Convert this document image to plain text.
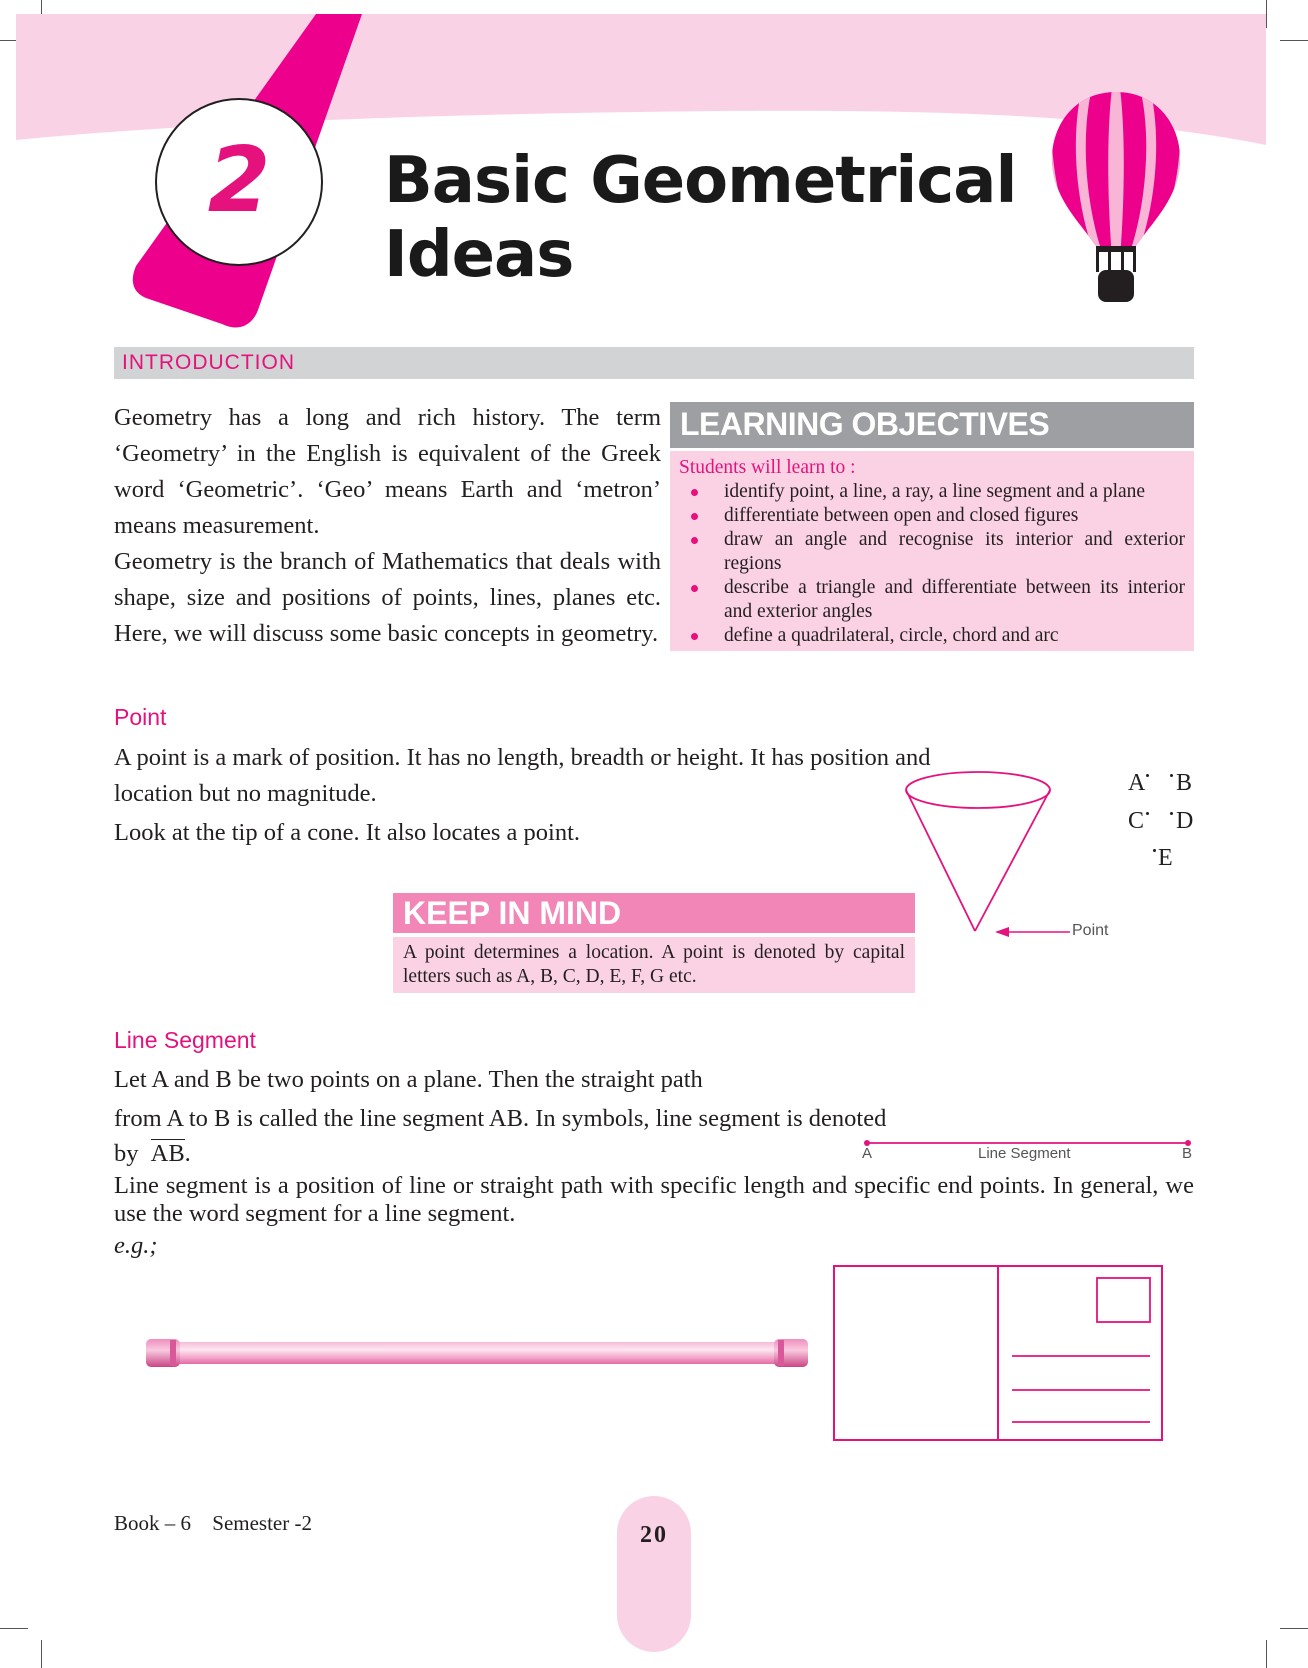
2	Basic Geometrical
Ideas
INTRODUCTION
Geometry has a long and rich history. The term ‘Geometry’ in the English is equivalent of the Greek word ‘Geometric’. ‘Geo’ means Earth and ‘metron’ means measurement.
Geometry is the branch of Mathematics that deals with shape, size and positions of points, lines, planes etc. Here, we will discuss some basic concepts in geometry.
LEARNING OBJECTIVES
Students will learn to :
identify point, a line, a ray, a line segment and a plane
differentiate between open and closed figures
draw an angle and recognise its interior and exterior regions
describe a triangle and differentiate between its interior and exterior angles
define a quadrilateral, circle, chord and arc
Point
A point is a mark of position. It has no length, breadth or height. It has position and location but no magnitude.
Look at the tip of a cone. It also locates a point.
Point
A B
C D
E
KEEP IN MIND
A point determines a location. A point is denoted by capital letters such as A, B, C, D, E, F, G etc.
Line Segment
Let A and B be two points on a plane. Then the straight path
from A to B is called the line segment AB. In symbols, line segment is denoted
by AB.
Line segment is a position of line or straight path with specific length and specific end points. In general, we use the word segment for a line segment.
e.g.;
A	Line Segment	B
Book – 6 Semester -2	20
